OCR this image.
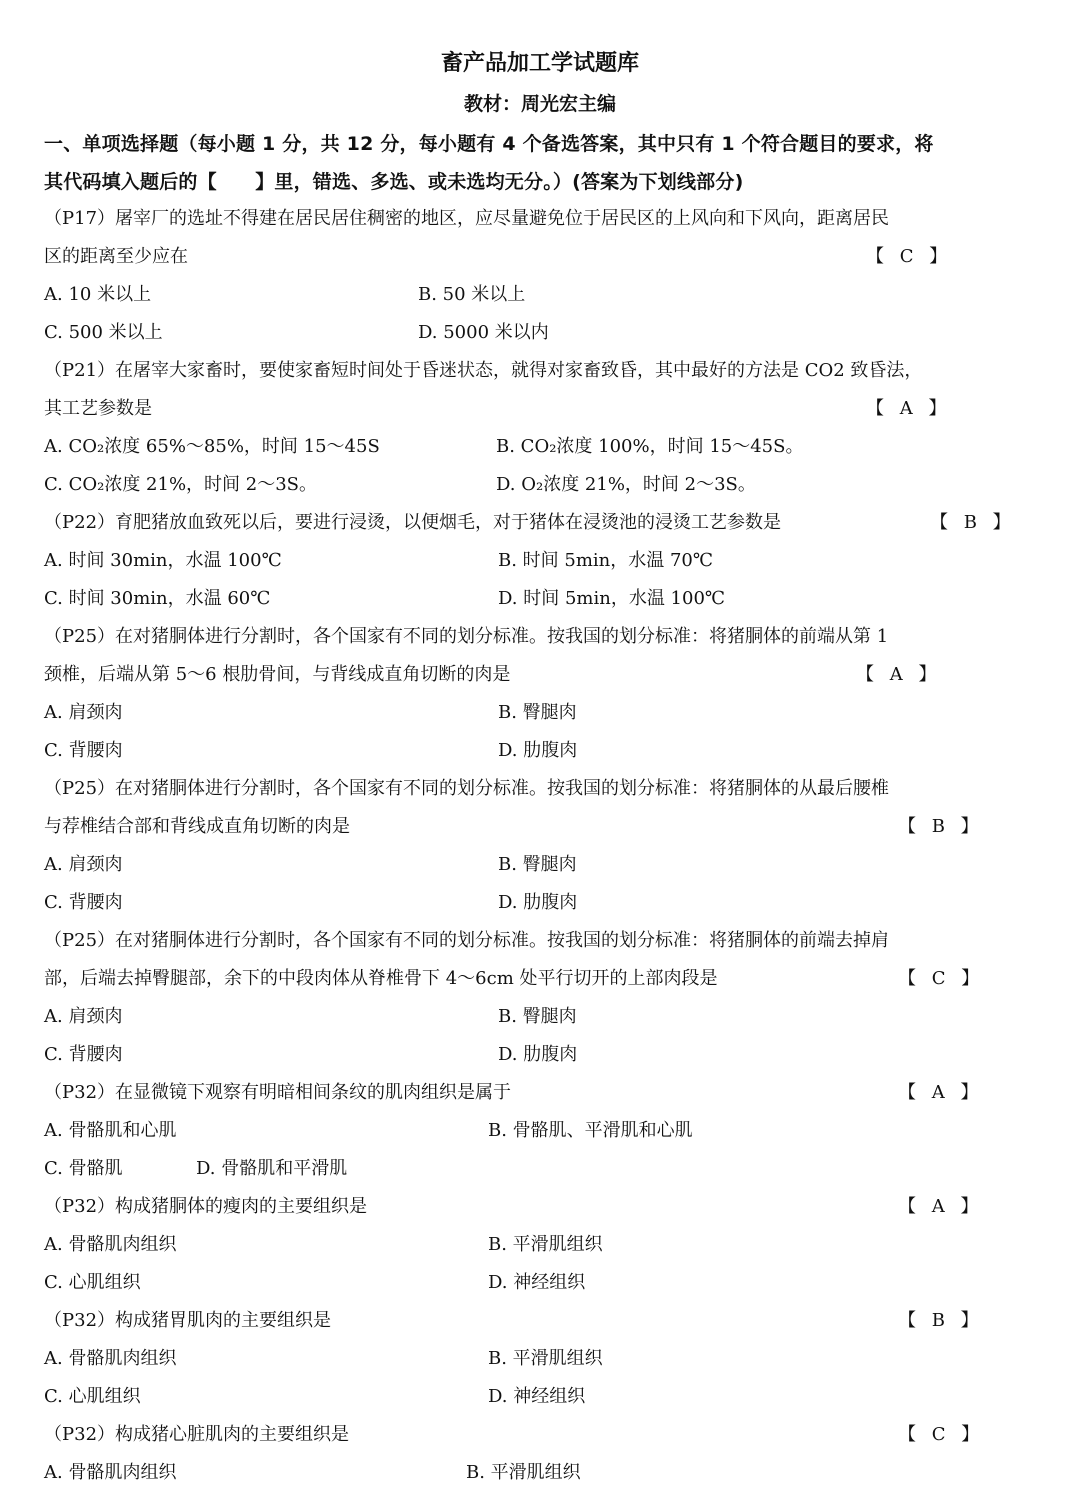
畜产品加工学试题库
教材：周光宏主编
一、单项选择题（每小题 1 分，共 12 分，每小题有 4 个备选答案，其中只有 1 个符合题目的要求，将
其代码填入题后的【　　】里，错选、多选、或未选均无分。）(答案为下划线部分)
（P17）屠宰厂的选址不得建在居民居住稠密的地区，应尽量避免位于居民区的上风向和下风向，距离居民
区的距离至少应在	【 C 】
A. 10 米以上	B. 50 米以上
C. 500 米以上	D. 5000 米以内
（P21）在屠宰大家畜时，要使家畜短时间处于昏迷状态，就得对家畜致昏，其中最好的方法是 CO2 致昏法，
其工艺参数是	【 A 】
A. CO₂浓度 65%～85%，时间 15～45S	B. CO₂浓度 100%，时间 15～45S。
C. CO₂浓度 21%，时间 2～3S。	D. O₂浓度 21%，时间 2～3S。
（P22）育肥猪放血致死以后，要进行浸烫，以便烟毛，对于猪体在浸烫池的浸烫工艺参数是	【 B 】
A. 时间 30min，水温 100℃	B. 时间 5min，水温 70℃
C. 时间 30min，水温 60℃	D. 时间 5min，水温 100℃
（P25）在对猪胴体进行分割时，各个国家有不同的划分标准。按我国的划分标准：将猪胴体的前端从第 1
颈椎，后端从第 5～6 根肋骨间，与背线成直角切断的肉是	【 A 】
A. 肩颈肉	B. 臀腿肉
C. 背腰肉	D. 肋腹肉
（P25）在对猪胴体进行分割时，各个国家有不同的划分标准。按我国的划分标准：将猪胴体的从最后腰椎
与荐椎结合部和背线成直角切断的肉是	【 B 】
A. 肩颈肉	B. 臀腿肉
C. 背腰肉	D. 肋腹肉
（P25）在对猪胴体进行分割时，各个国家有不同的划分标准。按我国的划分标准：将猪胴体的前端去掉肩
部，后端去掉臀腿部，余下的中段肉体从脊椎骨下 4～6cm 处平行切开的上部肉段是	【 C 】
A. 肩颈肉	B. 臀腿肉
C. 背腰肉	D. 肋腹肉
（P32）在显微镜下观察有明暗相间条纹的肌肉组织是属于	【 A 】
A. 骨骼肌和心肌	B. 骨骼肌、平滑肌和心肌
C. 骨骼肌	D. 骨骼肌和平滑肌
（P32）构成猪胴体的瘦肉的主要组织是	【 A 】
A. 骨骼肌肉组织	B. 平滑肌组织
C. 心肌组织	D. 神经组织
（P32）构成猪胃肌肉的主要组织是	【 B 】
A. 骨骼肌肉组织	B. 平滑肌组织
C. 心肌组织	D. 神经组织
（P32）构成猪心脏肌肉的主要组织是	【 C 】
A. 骨骼肌肉组织	B. 平滑肌组织
